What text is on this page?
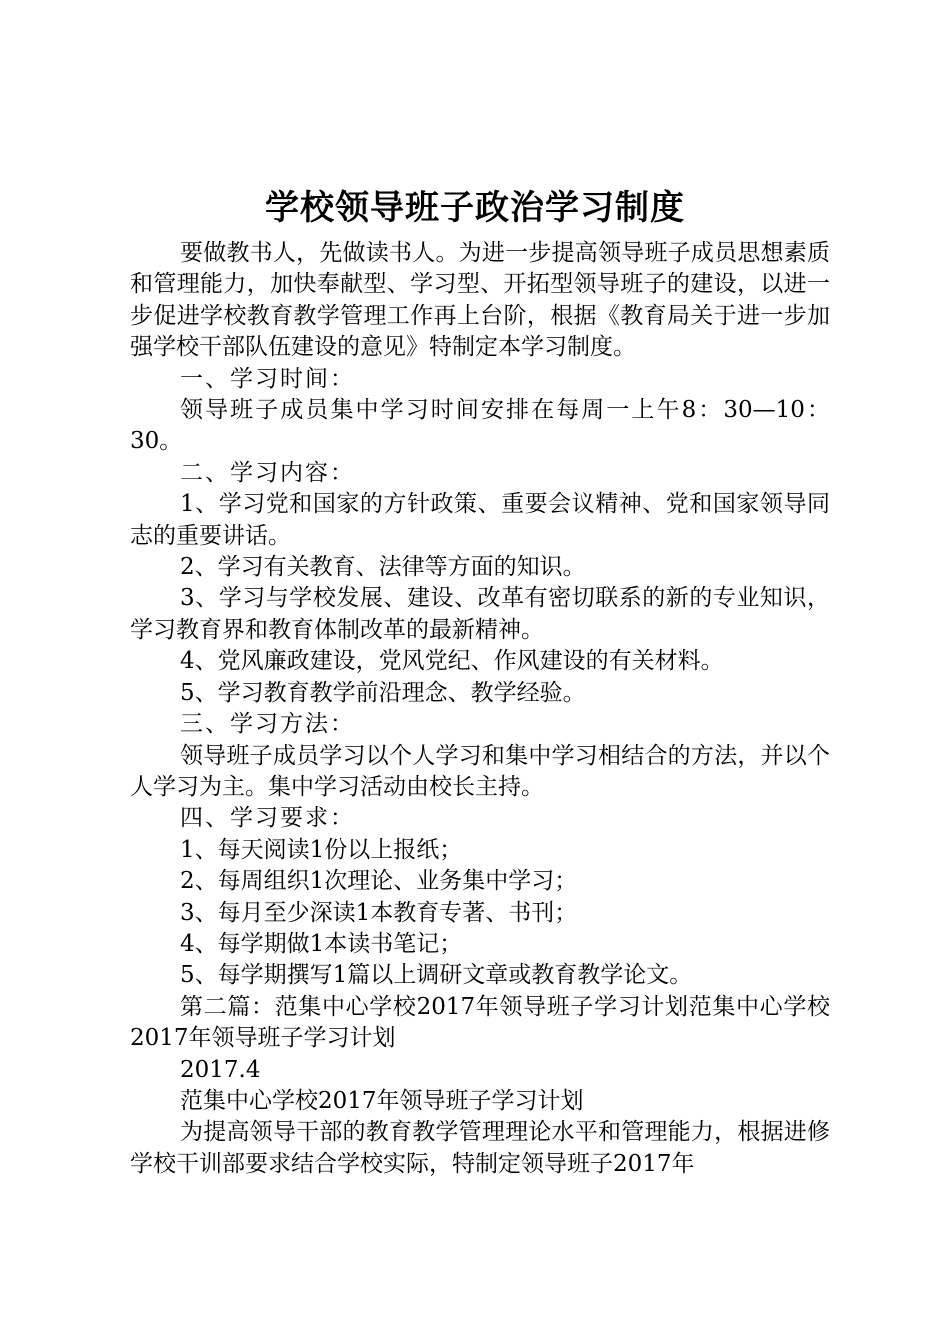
学校领导班子政治学习制度

要做教书人，先做读书人。为进一步提高领导班子成员思想素质和管理能力，加快奉献型、学习型、开拓型领导班子的建设，以进一步促进学校教育教学管理工作再上台阶，根据《教育局关于进一步加强学校干部队伍建设的意见》特制定本学习制度。

一、学习时间：

领导班子成员集中学习时间安排在每周一上午8：30—10：30。

二、学习内容：

1、学习党和国家的方针政策、重要会议精神、党和国家领导同志的重要讲话。

2、学习有关教育、法律等方面的知识。

3、学习与学校发展、建设、改革有密切联系的新的专业知识，学习教育界和教育体制改革的最新精神。

4、党风廉政建设，党风党纪、作风建设的有关材料。

5、学习教育教学前沿理念、教学经验。

三、学习方法：

领导班子成员学习以个人学习和集中学习相结合的方法，并以个人学习为主。集中学习活动由校长主持。

四、学习要求：

1、每天阅读1份以上报纸；

2、每周组织1次理论、业务集中学习；

3、每月至少深读1本教育专著、书刊；

4、每学期做1本读书笔记；

5、每学期撰写1篇以上调研文章或教育教学论文。

第二篇：范集中心学校2017年领导班子学习计划范集中心学校2017年领导班子学习计划

2017.4

范集中心学校2017年领导班子学习计划

为提高领导干部的教育教学管理理论水平和管理能力，根据进修学校干训部要求结合学校实际，特制定领导班子2017年
